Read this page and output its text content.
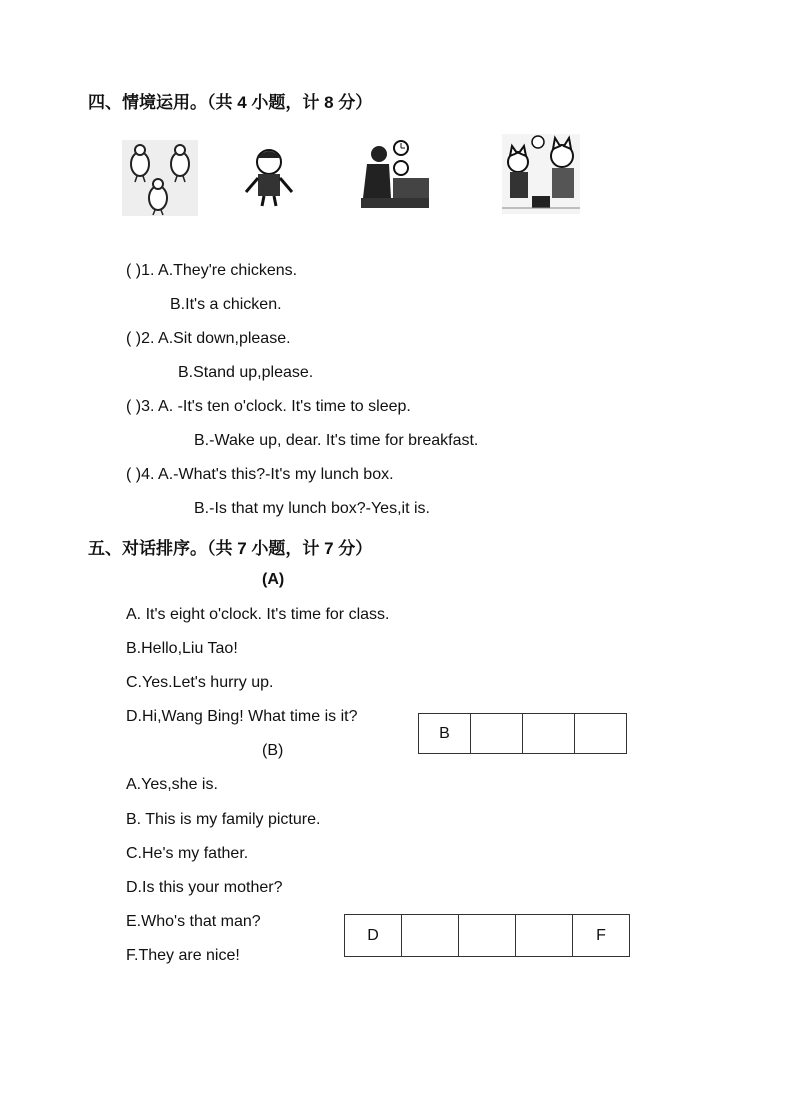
四、情境运用。（共 4 小题，计 8 分）
( )1. A.They're chickens.
B.It's a chicken.
( )2. A.Sit down,please.
B.Stand up,please.
( )3. A. -It's ten o'clock. It's time to sleep.
B.-Wake up, dear. It's time for breakfast.
( )4. A.-What's this?-It's my lunch box.
B.-Is that my lunch box?-Yes,it is.
五、对话排序。（共 7 小题，计 7 分）
(A)
A. It's eight o'clock. It's time for class.
B.Hello,Liu Tao!
C.Yes.Let's hurry up.
D.Hi,Wang Bing! What time is it?
B			
(B)
A.Yes,she is.
B. This is my family picture.
C.He's my father.
D.Is this your mother?
E.Who's that man?
F.They are nice!
D				F
